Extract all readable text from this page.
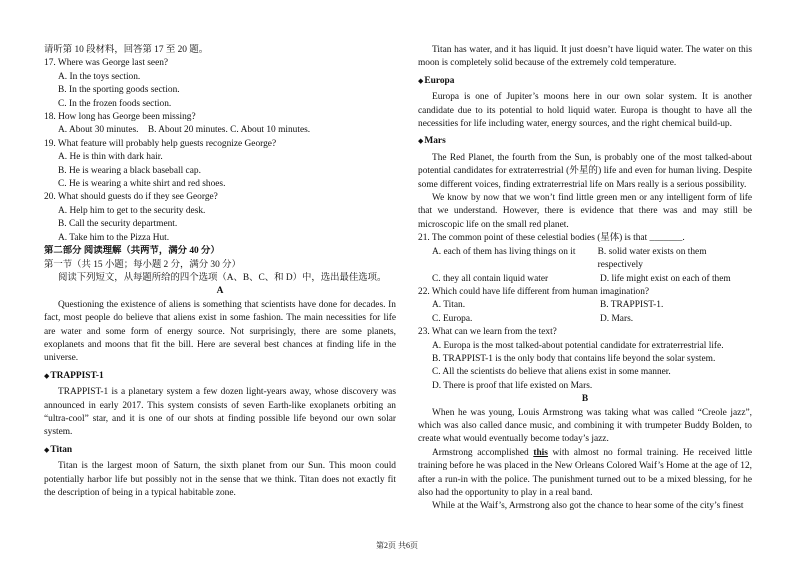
请听第 10 段材料，回答第 17 至 20 题。
17. Where was George last seen?
A. In the toys section.
B. In the sporting goods section.
C. In the frozen foods section.
18. How long has George been missing?
A. About 30 minutes.    B. About 20 minutes. C. About 10 minutes.
19. What feature will probably help guests recognize George?
A. He is thin with dark hair.
B. He is wearing a black baseball cap.
C. He is wearing a white shirt and red shoes.
20. What should guests do if they see George?
A. Help him to get to the security desk.
B. Call the security department.
A. Take him to the Pizza Hut.
第二部分 阅读理解（共两节，满分 40 分）
第一节（共 15 小题；每小题 2 分，满分 30 分）
阅读下列短文，从每题所给的四个选项（A、B、C、和 D）中，选出最佳选项。
A
Questioning the existence of aliens is something that scientists have done for decades. In fact, most people do believe that aliens exist in some fashion. The main necessities for life are water and some form of energy source. Not surprisingly, there are some planets, exoplanets and moons that fit the bill. Here are several best chances at finding life in the universe.
◆TRAPPIST-1
TRAPPIST-1 is a planetary system a few dozen light-years away, whose discovery was announced in early 2017. This system consists of seven Earth-like exoplanets orbiting an “ultra-cool” star, and it is one of our shots at finding possible life beyond our own solar system.
◆Titan
Titan is the largest moon of Saturn, the sixth planet from our Sun. This moon could potentially harbor life but possibly not in the sense that we think. Titan does not exactly fit the description of being in a typical habitable zone.
Titan has water, and it has liquid. It just doesn’t have liquid water. The water on this moon is completely solid because of the extremely cold temperature.
◆Europa
Europa is one of Jupiter’s moons here in our own solar system. It is another candidate due to its potential to hold liquid water. Europa is thought to have all the necessities for life including water, energy sources, and the right chemical build-up.
◆Mars
The Red Planet, the fourth from the Sun, is probably one of the most talked-about potential candidates for extraterrestrial (外星的) life and even for human living. Despite some different voices, finding extraterrestrial life on Mars really is a serious possibility.
We know by now that we won’t find little green men or any intelligent form of life that we understand. However, there is evidence that there was and may still be microscopic life on the small red planet.
21. The common point of these celestial bodies (星体) is that _______.
A. each of them has living things on it	B. solid water exists on them respectively
C. they all contain liquid water	D. life might exist on each of them
22. Which could have life different from human imagination?
A. Titan.	B. TRAPPIST-1.
C. Europa.	D. Mars.
23. What can we learn from the text?
A. Europa is the most talked-about potential candidate for extraterrestrial life.
B. TRAPPIST-1 is the only body that contains life beyond the solar system.
C. All the scientists do believe that aliens exist in some manner.
D. There is proof that life existed on Mars.
B
When he was young, Louis Armstrong was taking what was called “Creole jazz”, which was also called dance music, and combining it with trumpeter Buddy Bolden, to create what would eventually become today’s jazz.
Armstrong accomplished this with almost no formal training. He received little training before he was placed in the New Orleans Colored Waif’s Home at the age of 12, after a run-in with the police. The punishment turned out to be a mixed blessing, for he also had the opportunity to play in a real band.
While at the Waif’s, Armstrong also got the chance to hear some of the city’s finest
第2页 共6页
